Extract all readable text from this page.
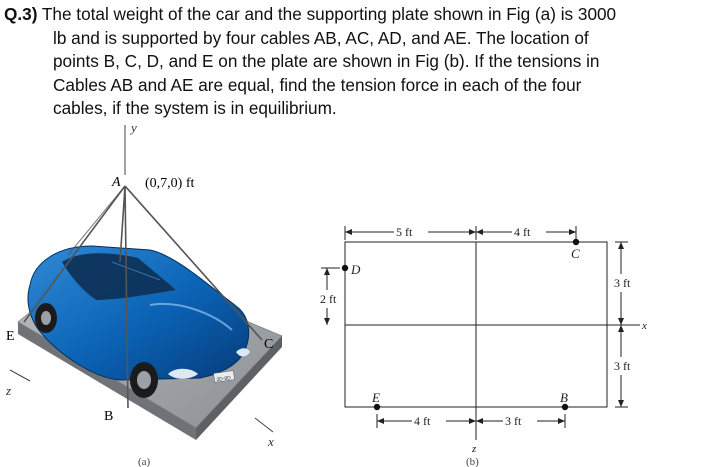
Q.3) The total weight of the car and the supporting plate shown in Fig (a) is 3000
lb and is supported by four cables AB, AC, AD, and AE. The location of
points B, C, D, and E on the plate are shown in Fig (b). If the tensions in
Cables AB and AE are equal, find the tension force in each of the four
cables, if the system is in equilibrium.
y
z
x
3D-8D
A (0,7,0) ft
E
B
C
(a)
5 ft	4 ft
4 ft	3 ft
2 ft
3 ft
3 ft
C
D
E	B
x
z
(b)
